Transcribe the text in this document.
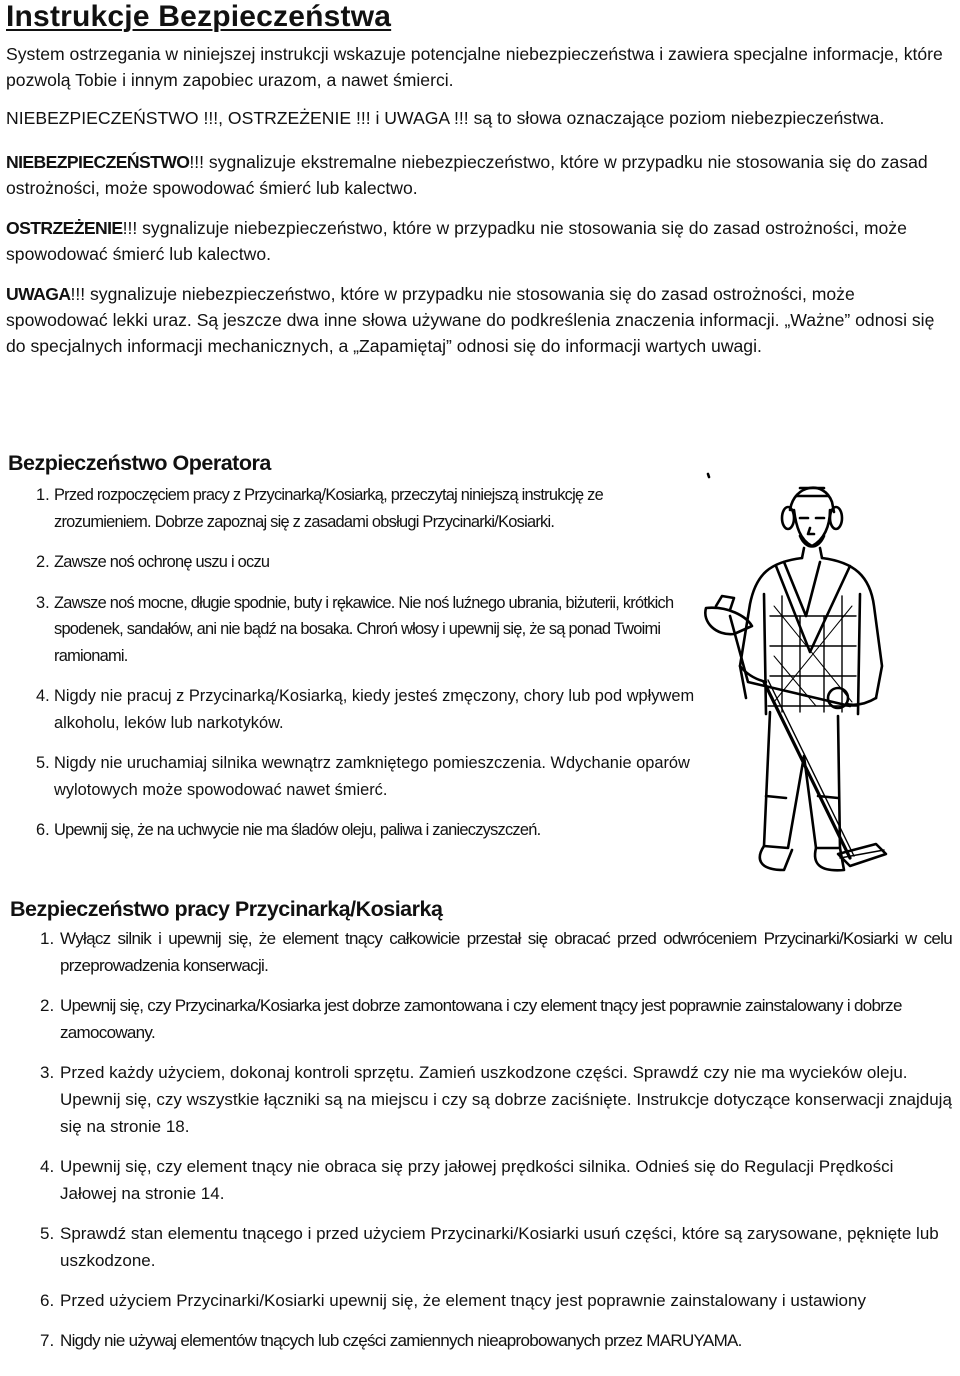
Instrukcje Bezpieczeństwa

System ostrzegania w niniejszej instrukcji wskazuje potencjalne niebezpieczeństwa i zawiera specjalne informacje, które pozwolą Tobie i innym zapobiec urazom, a nawet śmierci.

NIEBEZPIECZEŃSTWO !!!, OSTRZEŻENIE !!! i UWAGA !!! są to słowa oznaczające poziom niebezpieczeństwa.

NIEBEZPIECZEŃSTWO!!! sygnalizuje ekstremalne niebezpieczeństwo, które w przypadku nie stosowania się do zasad ostrożności, może spowodować śmierć lub kalectwo.

OSTRZEŻENIE!!! sygnalizuje niebezpieczeństwo, które w przypadku nie stosowania się do zasad ostrożności, może spowodować śmierć lub kalectwo.

UWAGA!!! sygnalizuje niebezpieczeństwo, które w przypadku nie stosowania się do zasad ostrożności, może spowodować lekki uraz. Są jeszcze dwa inne słowa używane do podkreślenia znaczenia informacji. „Ważne” odnosi się do specjalnych informacji mechanicznych, a „Zapamiętaj” odnosi się do informacji wartych uwagi.

Bezpieczeństwo Operatora
1. Przed rozpoczęciem pracy z Przycinarką/Kosiarką, przeczytaj niniejszą instrukcję ze zrozumieniem. Dobrze zapoznaj się z zasadami obsługi Przycinarki/Kosiarki.
2. Zawsze noś ochronę uszu i oczu
3. Zawsze noś mocne, długie spodnie, buty i rękawice. Nie noś luźnego ubrania, biżuterii, krótkich spodenek, sandałów, ani nie bądź na bosaka. Chroń włosy i upewnij się, że są ponad Twoimi ramionami.
4. Nigdy nie pracuj z Przycinarką/Kosiarką, kiedy jesteś zmęczony, chory lub pod wpływem alkoholu, leków lub narkotyków.
5. Nigdy nie uruchamiaj silnika wewnątrz zamkniętego pomieszczenia. Wdychanie oparów wylotowych może spowodować nawet śmierć.
6. Upewnij się, że na uchwycie nie ma śladów oleju, paliwa i zanieczyszczeń.
Bezpieczeństwo pracy Przycinarką/Kosiarką
1. Wyłącz silnik i upewnij się, że element tnący całkowicie przestał się obracać przed odwróceniem Przycinarki/Kosiarki w celu przeprowadzenia konserwacji.
2. Upewnij się, czy Przycinarka/Kosiarka jest dobrze zamontowana i czy element tnący jest poprawnie zainstalowany i dobrze zamocowany.
3. Przed każdy użyciem, dokonaj kontroli sprzętu. Zamień uszkodzone części. Sprawdź czy nie ma wycieków oleju. Upewnij się, czy wszystkie łączniki są na miejscu i czy są dobrze zaciśnięte. Instrukcje dotyczące konserwacji znajdują się na stronie 18.
4. Upewnij się, czy element tnący nie obraca się przy jałowej prędkości silnika. Odnieś się do Regulacji Prędkości Jałowej na stronie 14.
5. Sprawdź stan elementu tnącego i przed użyciem Przycinarki/Kosiarki usuń części, które są zarysowane, pęknięte lub uszkodzone.
6. Przed użyciem Przycinarki/Kosiarki upewnij się, że element tnący jest poprawnie zainstalowany i ustawiony
7. Nigdy nie używaj elementów tnących lub części zamiennych nieaprobowanych przez MARUYAMA.
